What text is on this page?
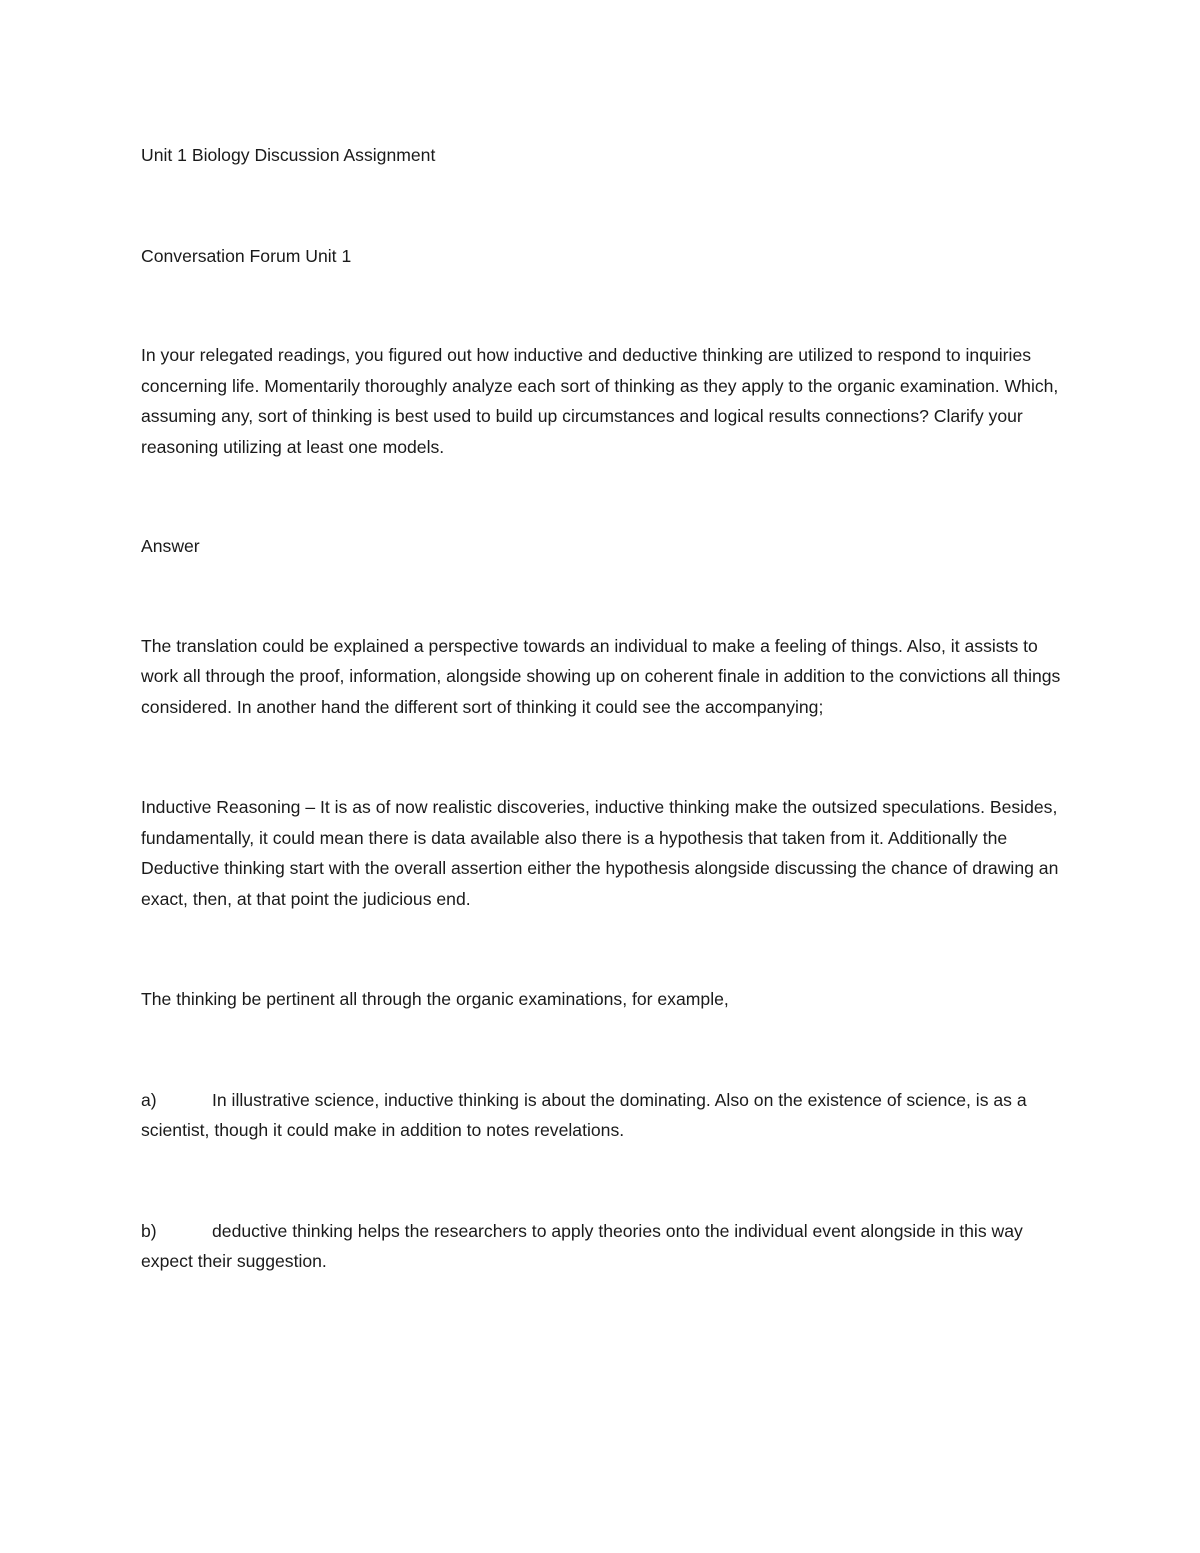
Unit 1 Biology Discussion Assignment

Conversation Forum Unit 1

In your relegated readings, you figured out how inductive and deductive thinking are utilized to respond to inquiries concerning life. Momentarily thoroughly analyze each sort of thinking as they apply to the organic examination. Which, assuming any, sort of thinking is best used to build up circumstances and logical results connections? Clarify your reasoning utilizing at least one models.

Answer

The translation could be explained a perspective towards an individual to make a feeling of things. Also, it assists to work all through the proof, information, alongside showing up on coherent finale in addition to the convictions all things considered. In another hand the different sort of thinking it could see the accompanying;

Inductive Reasoning – It is as of now realistic discoveries, inductive thinking make the outsized speculations. Besides, fundamentally, it could mean there is data available also there is a hypothesis that taken from it. Additionally the Deductive thinking start with the overall assertion either the hypothesis alongside discussing the chance of drawing an exact, then, at that point the judicious end.

The thinking be pertinent all through the organic examinations, for example,

a)	In illustrative science, inductive thinking is about the dominating. Also on the existence of science, is as a scientist, though it could make in addition to notes revelations.

b)	deductive thinking helps the researchers to apply theories onto the individual event alongside in this way expect their suggestion.
